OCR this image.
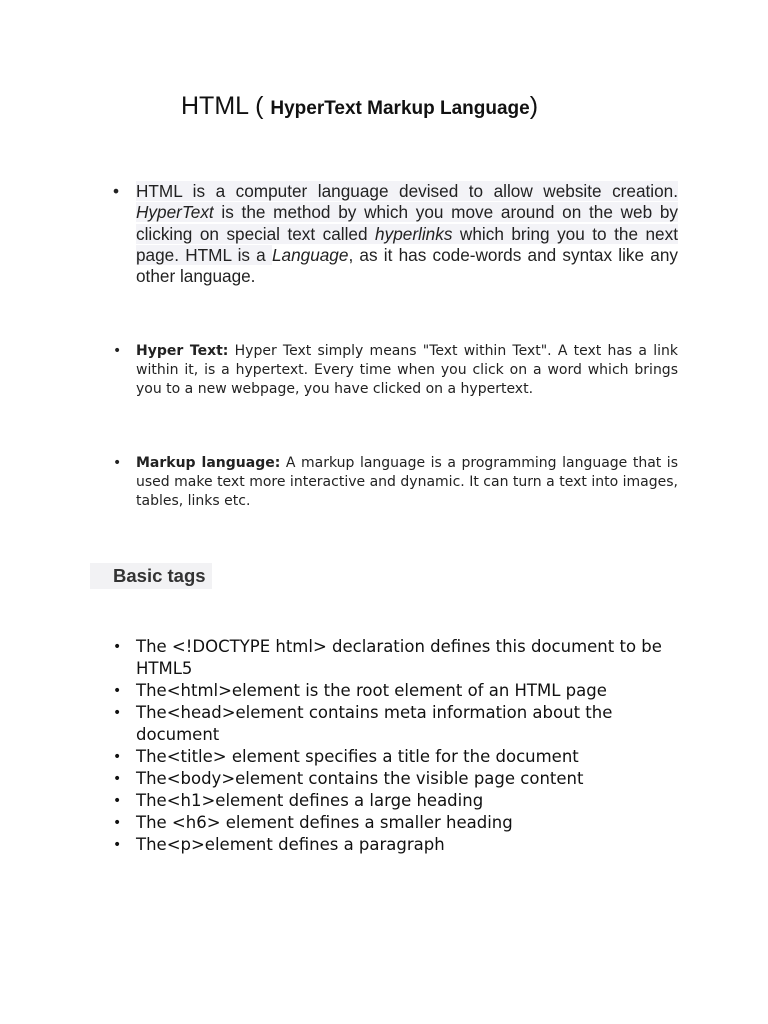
HTML ( HyperText Markup Language)
• HTML is a computer language devised to allow website creation. HyperText is the method by which you move around on the web by clicking on special text called hyperlinks which bring you to the next page. HTML is a Language, as it has code-words and syntax like any other language.
• Hyper Text: Hyper Text simply means "Text within Text". A text has a link within it, is a hypertext. Every time when you click on a word which brings you to a new webpage, you have clicked on a hypertext.
• Markup language: A markup language is a programming language that is used make text more interactive and dynamic. It can turn a text into images, tables, links etc.
Basic tags
• The <!DOCTYPE html> declaration defines this document to be HTML5
• The<html>element is the root element of an HTML page
• The<head>element contains meta information about the document
• The<title> element specifies a title for the document
• The<body>element contains the visible page content
• The<h1>element defines a large heading
• The <h6> element defines a smaller heading
• The<p>element defines a paragraph
